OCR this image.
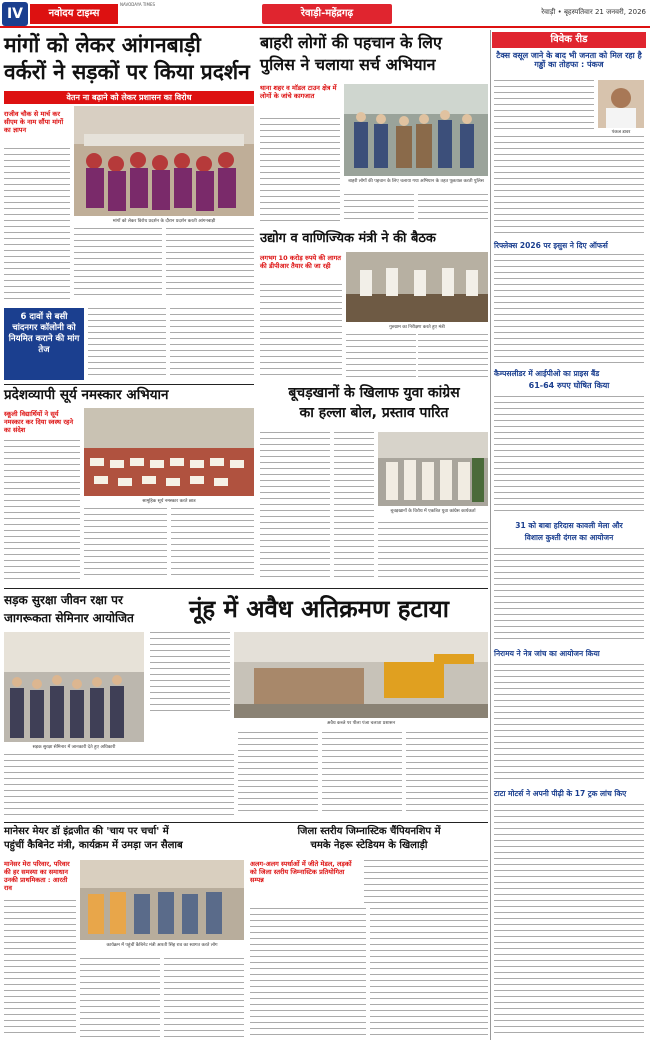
IV	नवोदय टाइम्स
NAVODAYA TIMES
रेवाड़ी-महेंद्रगढ़	रेवाड़ी • बृहस्पतिवार 21 जनवरी, 2026
मांगों को लेकर आंगनबाड़ी
वर्करों ने सड़कों पर किया प्रदर्शन
वेतन ना बढ़ाने को लेकर प्रशासन का विरोध
राजीव चौक से मार्च कर सीएम के नाम सौंपा मांगों का ज्ञापन
मांगों को लेकर विरोध प्रदर्शन के दौरान प्रदर्शन करती आंगनबाड़ी
6 दावों से बसी चांदनगर कॉलोनी को नियमित कराने की मांग तेज
बाहरी लोगों की पहचान के लिए
पुलिस ने चलाया सर्च अभियान
थाना शहर व मॉडल टाउन क्षेत्र में लोगों के जांचे कागजात
बाहरी लोगों की पहचान के लिए चलाया गया अभियान के तहत पूछताछ करती पुलिस
उद्योग व वाणिज्यिक मंत्री ने की बैठक
लगभग 10 करोड़ रुपये की लागत की डीपीआर तैयार की जा रही
गुरुग्राम का निरीक्षण करते हुए मंत्री
विवेक रीड
टैक्स वसूल जाने के बाद भी जनता को मिल रहा है गड्ढों का तोहफा : पंकज
पंकज डावर
रिफ्लेक्स 2026 पर इसुस ने दिए ऑफर्स
कैम्पसलीडर में आईपीओ का प्राइस बैंड
61-64 रुपए घोषित किया
31 को बाबा हरिदास कावली मेला और
विशाल कुश्ती दंगल का आयोजन
निरामय ने नेत्र जांच का आयोजन किया
टाटा मोटर्स ने अपनी पीढ़ी के 17 ट्रक लांच किए
प्रदेशव्यापी सूर्य नमस्कार अभियान
स्कूली विद्यार्थियों ने सूर्य नमस्कार कर दिया स्वस्थ रहने का संदेश
सामूहिक सूर्य नमस्कार करते छात्र
बूचड़खानों के खिलाफ युवा कांग्रेस
का हल्ला बोल, प्रस्ताव पारित
बूचड़खानों के विरोध में एकत्रित युवा कांग्रेस कार्यकर्ता
सड़क सुरक्षा जीवन रक्षा पर
जागरूकता सेमिनार आयोजित
सड़क सुरक्षा सेमिनार में जानकारी देते हुए अधिकारी
नूंह में अवैध अतिक्रमण हटाया
अवैध कब्जे पर पीला पंजा चलाता प्रशासन
मानेसर मेयर डॉ इंद्रजीत की 'चाय पर चर्चा' में
पहुंचीं कैबिनेट मंत्री, कार्यक्रम में उमड़ा जन सैलाब
मानेसर मेरा परिवार, परिवार की हर समस्या का समाधान उनकी प्राथमिकता : आरती राव
कार्यक्रम में पहुंचीं कैबिनेट मंत्री आरती सिंह राव का स्वागत करते लोग
जिला स्तरीय जिम्नास्टिक चैंपियनशिप में
चमके नेहरू स्टेडियम के खिलाड़ी
अलग-अलग स्पर्धाओं में जीते मेडल, लड़कों को जिला स्तरीय जिम्नास्टिक प्रतियोगिता सम्पन्न
